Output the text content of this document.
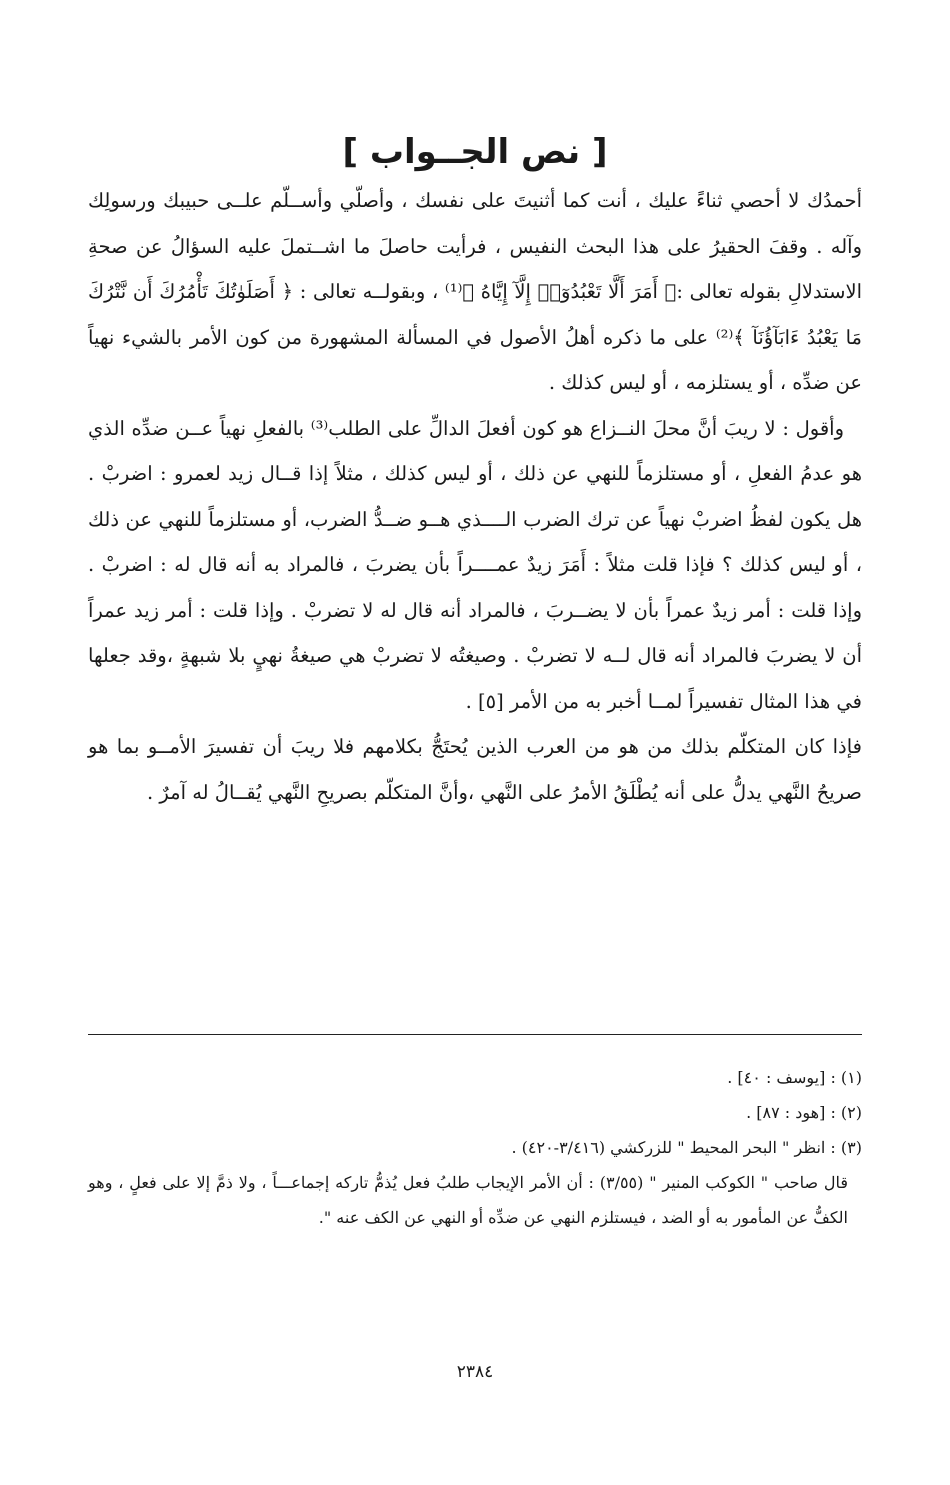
[ نص الجــواب ]

أحمدُك لا أحصي ثناءً عليك ، أنت كما أثنيتَ على نفسك ، وأصلّي وأســلّم علــى حبيبك ورسولِك وآله . وقفَ الحقيرُ على هذا البحث النفيس ، فرأيت حاصلَ ما اشــتملَ عليه السؤالُ عن صحةِ الاستدلالِ بقوله تعالى :﴿ أَمَرَ أَلَّا تَعْبُدُوٓا۟ إِلَّآ إِيَّاهُ ﴾⁽¹⁾ ، وبقولــه تعالى : ﴿ أَصَلَوٰتُكَ تَأْمُرُكَ أَن نَّتْرُكَ مَا يَعْبُدُ ءَابَآؤُنَآ ﴾⁽²⁾ على ما ذكره أهلُ الأصول في المسألة المشهورة من كون الأمر بالشيء نهياً عن ضدِّه ، أو يستلزمه ، أو ليس كذلك .

وأقول : لا ريبَ أنَّ محلَ النــزاع هو كون أفعلَ الدالِّ على الطلب⁽³⁾ بالفعلِ نهياً عــن ضدِّه الذي هو عدمُ الفعلِ ، أو مستلزماً للنهي عن ذلك ، أو ليس كذلك ، مثلاً إذا قــال زيد لعمرو : اضربْ . هل يكون لفظُ اضربْ نهياً عن ترك الضرب الــــذي هــو ضــدُّ الضرب، أو مستلزماً للنهي عن ذلك ، أو ليس كذلك ؟ فإذا قلت مثلاً : أَمَرَ زيدٌ عمــــراً بأن يضربَ ، فالمراد به أنه قال له : اضربْ . وإذا قلت : أمر زيدٌ عمراً بأن لا يضــربَ ، فالمراد أنه قال له لا تضربْ . وإذا قلت : أمر زيد عمراً أن لا يضربَ فالمراد أنه قال لــه لا تضربْ . وصيغتُه لا تضربْ هي صيغةُ نهيٍ بلا شبهةٍ ،وقد جعلها في هذا المثال تفسيراً لمــا أخبر به من الأمر [٥] .

فإذا كان المتكلّم بذلك من هو من العرب الذين يُحتَجُّ بكلامهم فلا ريبَ أن تفسيرَ الأمــو بما هو صريحُ النَّهي يدلُّ على أنه يُطْلَقُ الأمرُ على النَّهي ،وأنَّ المتكلّم بصريحِ النَّهي يُقــالُ له آمرٌ .

(١) : [يوسف : ٤٠] .

(٢) : [هود : ٨٧] .

(٣) : انظر " البحر المحيط " للزركشي (٣/٤١٦-٤٢٠) .

قال صاحب " الكوكب المنير " (٣/٥٥) : أن الأمر الإيجاب طلبُ فعل يُذمُّ تاركه إجماعـــاً ، ولا ذمَّ إلا على فعلٍ ، وهو الكفُّ عن المأمور به أو الضد ، فيستلزم النهي عن ضدِّه أو النهي عن الكف عنه ".

٢٣٨٤
